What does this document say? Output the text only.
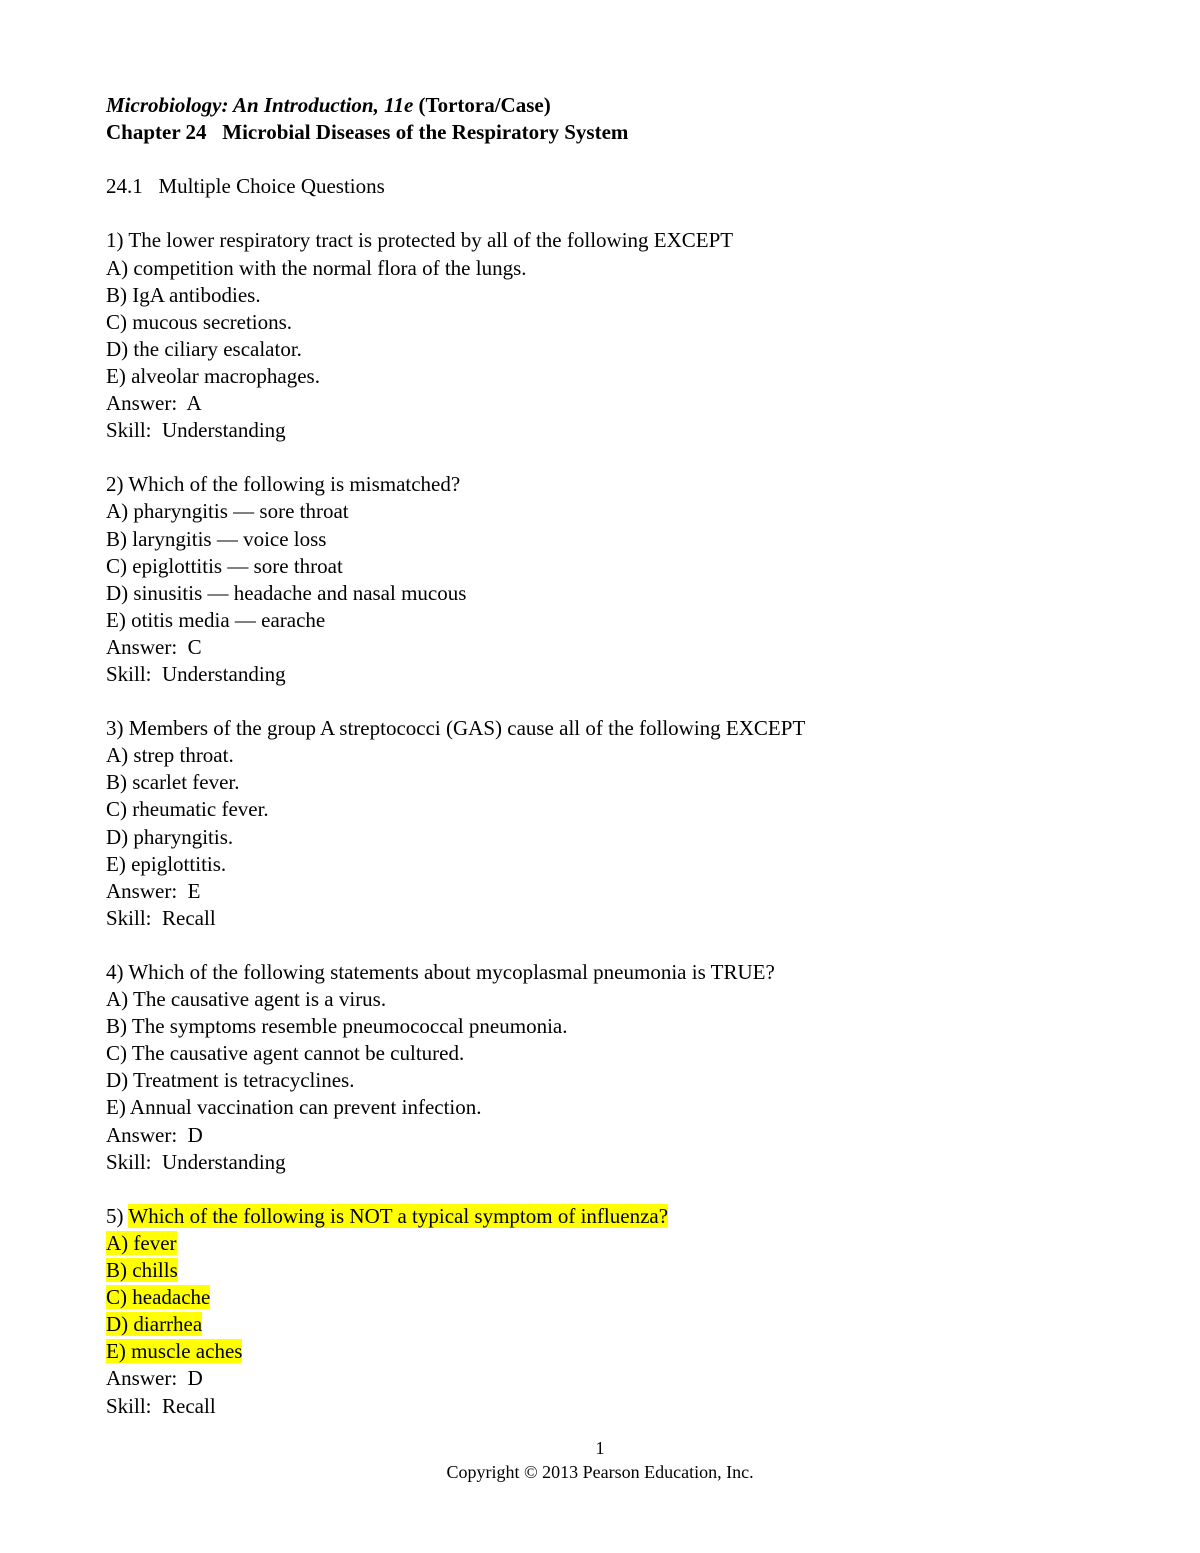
Microbiology: An Introduction, 11e (Tortora/Case)
Chapter 24   Microbial Diseases of the Respiratory System
24.1   Multiple Choice Questions
1) The lower respiratory tract is protected by all of the following EXCEPT
A) competition with the normal flora of the lungs.
B) IgA antibodies.
C) mucous secretions.
D) the ciliary escalator.
E) alveolar macrophages.
Answer:  A
Skill:  Understanding
2) Which of the following is mismatched?
A) pharyngitis — sore throat
B) laryngitis — voice loss
C) epiglottitis — sore throat
D) sinusitis — headache and nasal mucous
E) otitis media — earache
Answer:  C
Skill:  Understanding
3) Members of the group A streptococci (GAS) cause all of the following EXCEPT
A) strep throat.
B) scarlet fever.
C) rheumatic fever.
D) pharyngitis.
E) epiglottitis.
Answer:  E
Skill:  Recall
4) Which of the following statements about mycoplasmal pneumonia is TRUE?
A) The causative agent is a virus.
B) The symptoms resemble pneumococcal pneumonia.
C) The causative agent cannot be cultured.
D) Treatment is tetracyclines.
E) Annual vaccination can prevent infection.
Answer:  D
Skill:  Understanding
5) Which of the following is NOT a typical symptom of influenza?
A) fever
B) chills
C) headache
D) diarrhea
E) muscle aches
Answer:  D
Skill:  Recall
1
Copyright © 2013 Pearson Education, Inc.
